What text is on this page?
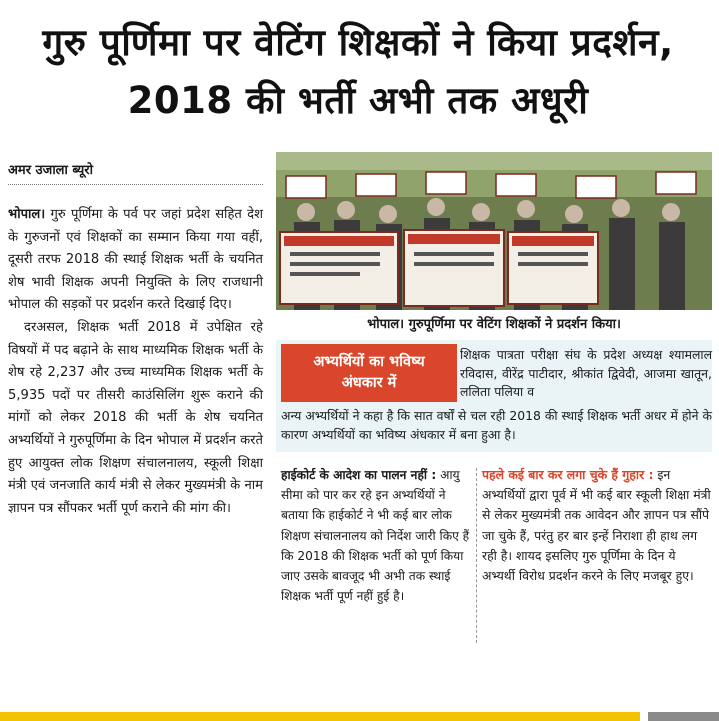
गुरु पूर्णिमा पर वेटिंग शिक्षकों ने किया प्रदर्शन, 2018 की भर्ती अभी तक अधूरी
अमर उजाला ब्यूरो

भोपाल। गुरु पूर्णिमा के पर्व पर जहां प्रदेश सहित देश के गुरुजनों एवं शिक्षकों का सम्मान किया गया वहीं, दूसरी तरफ 2018 की स्थाई शिक्षक भर्ती के चयनित शेष भावी शिक्षक अपनी नियुक्ति के लिए राजधानी भोपाल की सड़कों पर प्रदर्शन करते दिखाई दिए।

दरअसल, शिक्षक भर्ती 2018 में उपेक्षित रहे विषयों में पद बढ़ाने के साथ माध्यमिक शिक्षक भर्ती के शेष रहे 2,237 और उच्च माध्यमिक शिक्षक भर्ती के 5,935 पदों पर तीसरी काउंसिलिंग शुरू कराने की मांगों को लेकर 2018 की भर्ती के शेष चयनित अभ्यर्थियों ने गुरुपूर्णिमा के दिन भोपाल में प्रदर्शन करते हुए आयुक्त लोक शिक्षण संचालनालय, स्कूली शिक्षा मंत्री एवं जनजाति कार्य मंत्री से लेकर मुख्यमंत्री के नाम ज्ञापन पत्र सौंपकर भर्ती पूर्ण कराने की मांग की।

भोपाल। गुरुपूर्णिमा पर वेटिंग शिक्षकों ने प्रदर्शन किया।
अभ्यर्थियों का भविष्य
अंधकार में
शिक्षक पात्रता परीक्षा संघ के प्रदेश अध्यक्ष श्यामलाल रविदास, वीरेंद्र पाटीदार, श्रीकांत द्विवेदी, आजमा खातून, ललिता पलिया व
अन्य अभ्यर्थियों ने कहा है कि सात वर्षों से चल रही 2018 की स्थाई शिक्षक भर्ती अधर में होने के कारण अभ्यर्थियों का भविष्य अंधकार में बना हुआ है।
हाईकोर्ट के आदेश का पालन नहीं : आयु सीमा को पार कर रहे इन अभ्यर्थियों ने बताया कि हाईकोर्ट ने भी कई बार लोक शिक्षण संचालनालय को निर्देश जारी किए हैं कि 2018 की शिक्षक भर्ती को पूर्ण किया जाए उसके बावजूद भी अभी तक स्थाई शिक्षक भर्ती पूर्ण नहीं हुई है।
पहले कई बार कर लगा चुके हैं गुहार : इन अभ्यर्थियों द्वारा पूर्व में भी कई बार स्कूली शिक्षा मंत्री से लेकर मुख्यमंत्री तक आवेदन और ज्ञापन पत्र सौंपे जा चुके हैं, परंतु हर बार इन्हें निराशा ही हाथ लग रही है। शायद इसलिए गुरु पूर्णिमा के दिन ये अभ्यर्थी विरोध प्रदर्शन करने के लिए मजबूर हुए।
